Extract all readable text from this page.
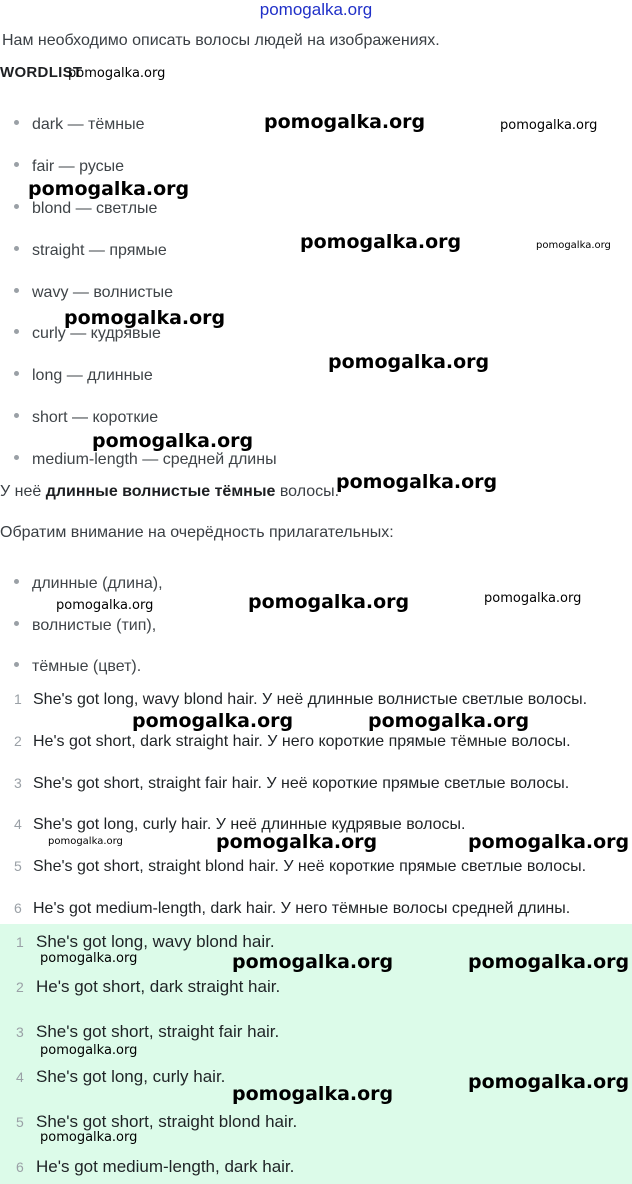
pomogalka.org
Нам необходимо описать волосы людей на изображениях.
WORDLIST
dark — тёмные
fair — русые
blond — светлые
straight — прямые
wavy — волнистые
curly — кудрявые
long — длинные
short — короткие
medium-length — средней длины
У неё длинные волнистые тёмные волосы.
Обратим внимание на очерёдность прилагательных:
длинные (длина),
волнистые (тип),
тёмные (цвет).
1 She's got long, wavy blond hair. У неё длинные волнистые светлые волосы.
2 He's got short, dark straight hair. У него короткие прямые тёмные волосы.
3 She's got short, straight fair hair. У неё короткие прямые светлые волосы.
4 She's got long, curly hair. У неё длинные кудрявые волосы.
5 She's got short, straight blond hair. У неё короткие прямые светлые волосы.
6 He's got medium-length, dark hair. У него тёмные волосы средней длины.
1 She's got long, wavy blond hair.
2 He's got short, dark straight hair.
3 She's got short, straight fair hair.
4 She's got long, curly hair.
5 She's got short, straight blond hair.
6 He's got medium-length, dark hair.
pomogalka.org
pomogalka.org	pomogalka.org
pomogalka.org
pomogalka.org	pomogalka.org
pomogalka.org
pomogalka.org
pomogalka.org
pomogalka.org
pomogalka.org	pomogalka.org	pomogalka.org
pomogalka.org	pomogalka.org
pomogalka.org	pomogalka.org	pomogalka.org
pomogalka.org	pomogalka.org	pomogalka.org
pomogalka.org
pomogalka.org
pomogalka.org
pomogalka.org
